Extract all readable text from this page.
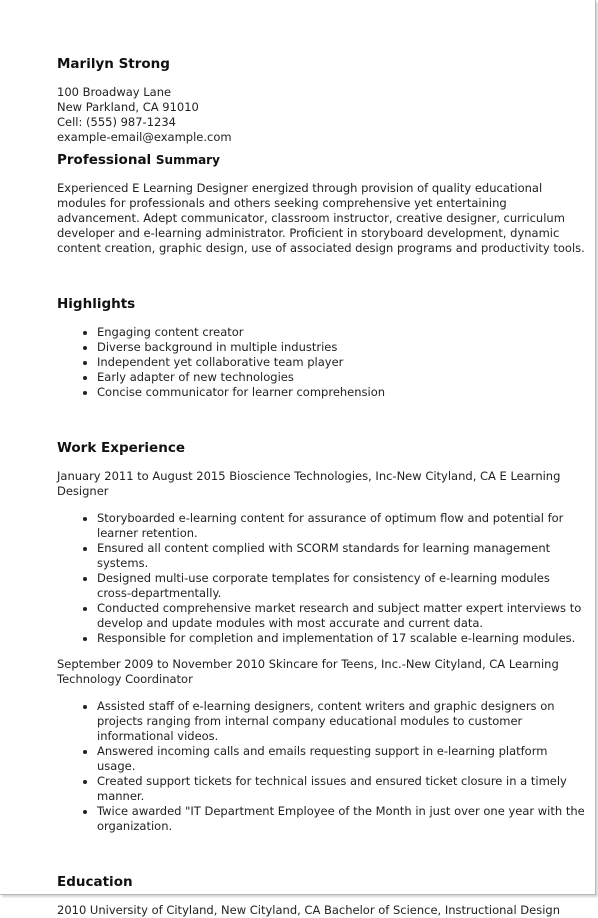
Marilyn Strong
100 Broadway Lane
New Parkland, CA 91010
Cell: (555) 987-1234
example-email@example.com
Professional Summary
Experienced E Learning Designer energized through provision of quality educational modules for professionals and others seeking comprehensive yet entertaining advancement. Adept communicator, classroom instructor, creative designer, curriculum developer and e-learning administrator. Proficient in storyboard development, dynamic content creation, graphic design, use of associated design programs and productivity tools.
Highlights
• Engaging content creator
• Diverse background in multiple industries
• Independent yet collaborative team player
• Early adapter of new technologies
• Concise communicator for learner comprehension
Work Experience
January 2011 to August 2015 Bioscience Technologies, Inc-New Cityland, CA E Learning Designer
• Storyboarded e-learning content for assurance of optimum flow and potential for learner retention.
• Ensured all content complied with SCORM standards for learning management systems.
• Designed multi-use corporate templates for consistency of e-learning modules cross-departmentally.
• Conducted comprehensive market research and subject matter expert interviews to develop and update modules with most accurate and current data.
• Responsible for completion and implementation of 17 scalable e-learning modules.
September 2009 to November 2010 Skincare for Teens, Inc.-New Cityland, CA Learning Technology Coordinator
• Assisted staff of e-learning designers, content writers and graphic designers on projects ranging from internal company educational modules to customer informational videos.
• Answered incoming calls and emails requesting support in e-learning platform usage.
• Created support tickets for technical issues and ensured ticket closure in a timely manner.
• Twice awarded "IT Department Employee of the Month in just over one year with the organization.
Education
2010 University of Cityland, New Cityland, CA Bachelor of Science, Instructional Design
